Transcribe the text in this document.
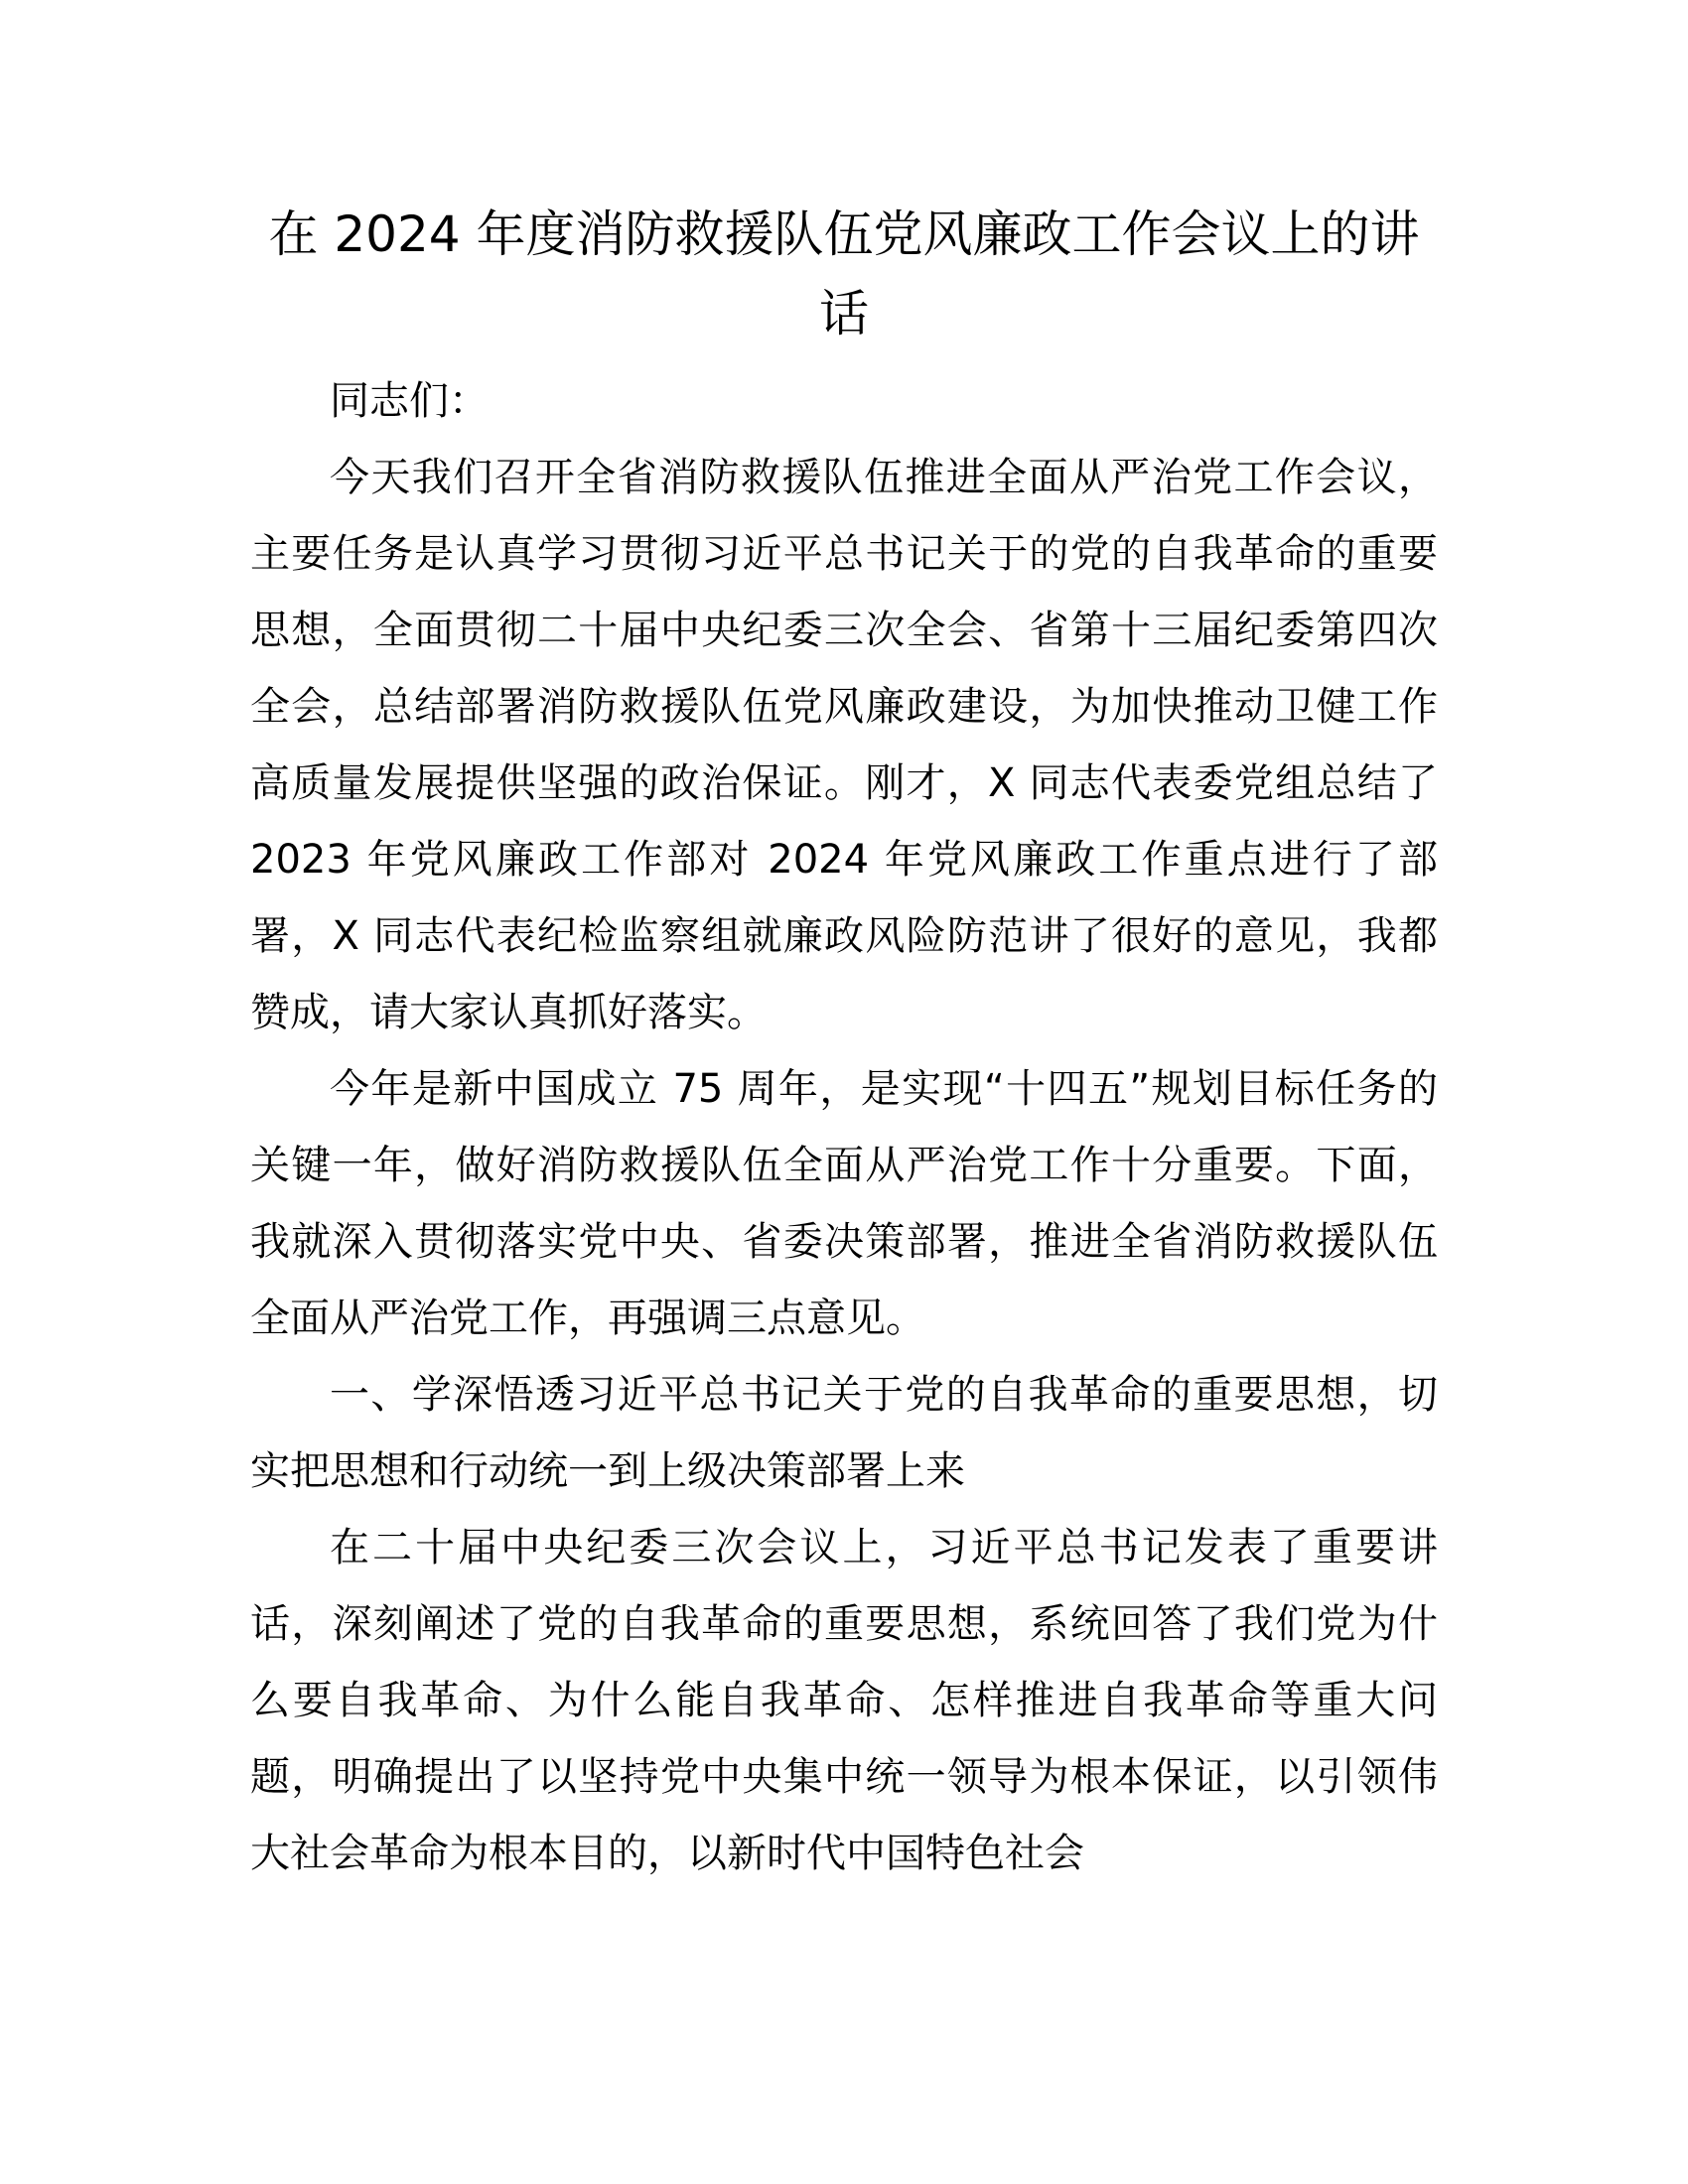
在 2024 年度消防救援队伍党风廉政工作会议上的讲话

同志们：

今天我们召开全省消防救援队伍推进全面从严治党工作会议，主要任务是认真学习贯彻习近平总书记关于的党的自我革命的重要思想，全面贯彻二十届中央纪委三次全会、省第十三届纪委第四次全会，总结部署消防救援队伍党风廉政建设，为加快推动卫健工作高质量发展提供坚强的政治保证。刚才，X 同志代表委党组总结了 2023 年党风廉政工作部对 2024 年党风廉政工作重点进行了部署，X 同志代表纪检监察组就廉政风险防范讲了很好的意见，我都赞成，请大家认真抓好落实。

今年是新中国成立 75 周年，是实现“十四五”规划目标任务的关键一年，做好消防救援队伍全面从严治党工作十分重要。下面，我就深入贯彻落实党中央、省委决策部署，推进全省消防救援队伍全面从严治党工作，再强调三点意见。

一、学深悟透习近平总书记关于党的自我革命的重要思想，切实把思想和行动统一到上级决策部署上来

在二十届中央纪委三次会议上，习近平总书记发表了重要讲话，深刻阐述了党的自我革命的重要思想，系统回答了我们党为什么要自我革命、为什么能自我革命、怎样推进自我革命等重大问题，明确提出了以坚持党中央集中统一领导为根本保证，以引领伟大社会革命为根本目的，以新时代中国特色社会
